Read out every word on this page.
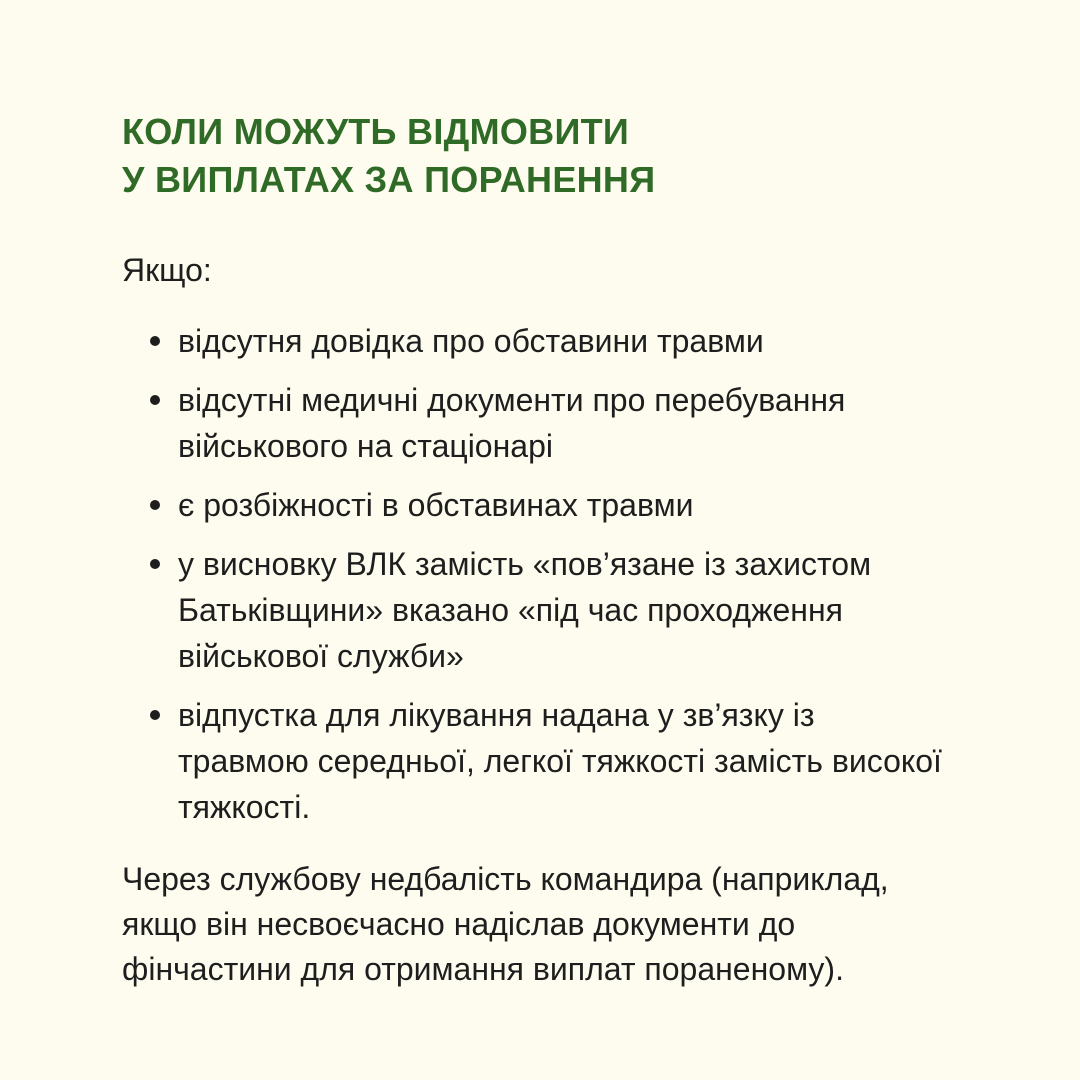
КОЛИ МОЖУТЬ ВІДМОВИТИ
У ВИПЛАТАХ ЗА ПОРАНЕННЯ

Якщо:

відсутня довідка про обставини травми
відсутні медичні документи про перебування військового на стаціонарі
є розбіжності в обставинах травми
у висновку ВЛК замість «пов’язане із захистом Батьківщини» вказано «під час проходження військової служби»
відпустка для лікування надана у зв’язку із травмою середньої, легкої тяжкості замість високої тяжкості.

Через службову недбалість командира (наприклад, якщо він несвоєчасно надіслав документи до фінчастини для отримання виплат пораненому).
